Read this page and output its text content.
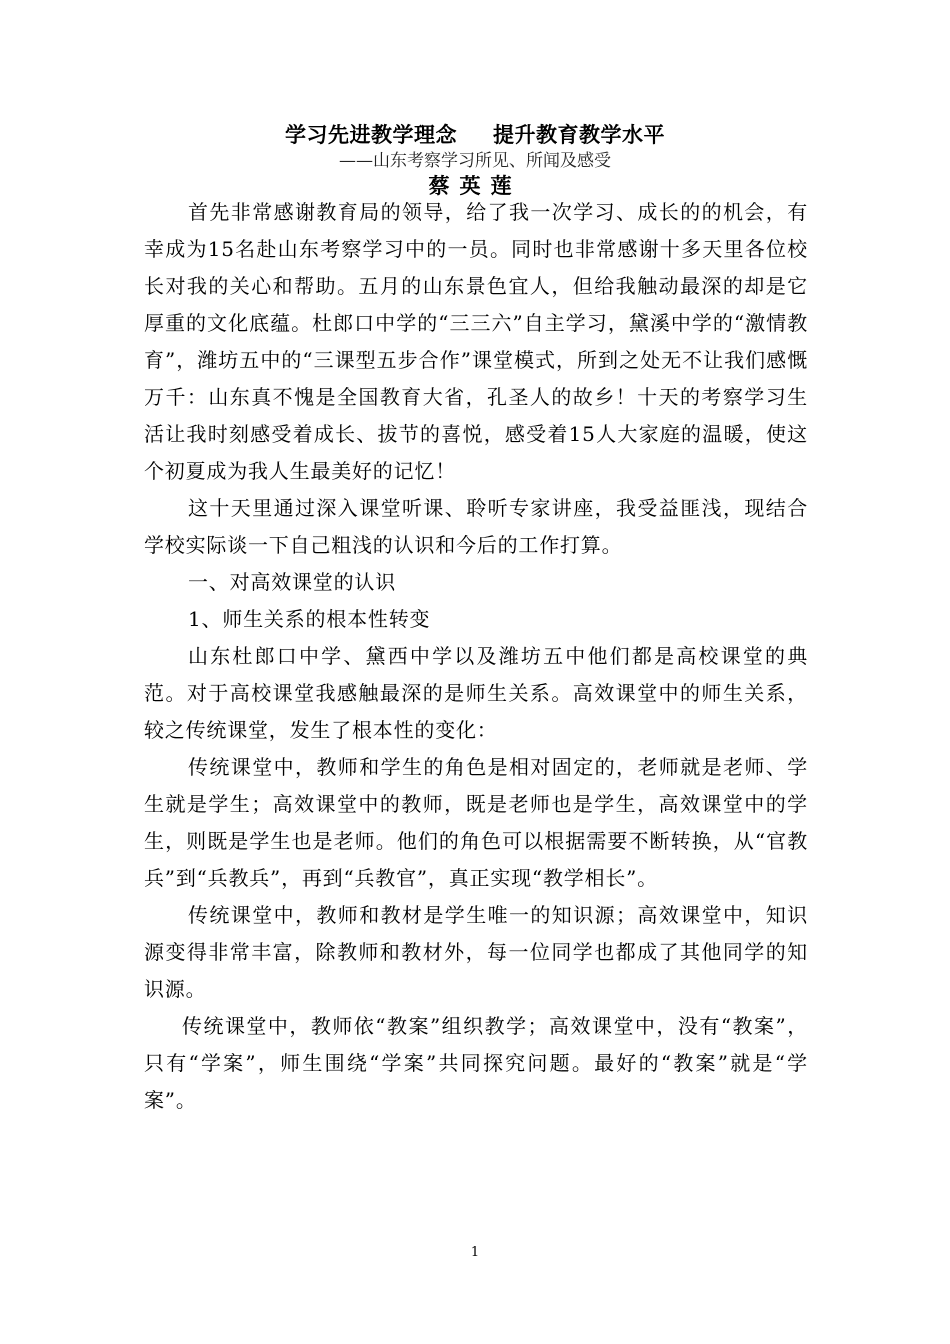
学习先进教学理念 提升教育教学水平
——山东考察学习所见、所闻及感受
蔡英莲

首先非常感谢教育局的领导，给了我一次学习、成长的的机会，有幸成为15名赴山东考察学习中的一员。同时也非常感谢十多天里各位校长对我的关心和帮助。五月的山东景色宜人，但给我触动最深的却是它厚重的文化底蕴。杜郎口中学的“三三六”自主学习，黛溪中学的“激情教育”，潍坊五中的“三课型五步合作”课堂模式，所到之处无不让我们感慨万千：山东真不愧是全国教育大省，孔圣人的故乡！十天的考察学习生活让我时刻感受着成长、拔节的喜悦，感受着15人大家庭的温暖，使这个初夏成为我人生最美好的记忆！

这十天里通过深入课堂听课、聆听专家讲座，我受益匪浅，现结合学校实际谈一下自己粗浅的认识和今后的工作打算。

一、对高效课堂的认识

1、师生关系的根本性转变

山东杜郎口中学、黛西中学以及潍坊五中他们都是高校课堂的典范。对于高校课堂我感触最深的是师生关系。高效课堂中的师生关系，较之传统课堂，发生了根本性的变化：

传统课堂中，教师和学生的角色是相对固定的，老师就是老师、学生就是学生；高效课堂中的教师，既是老师也是学生，高效课堂中的学生，则既是学生也是老师。他们的角色可以根据需要不断转换，从“官教兵”到“兵教兵”，再到“兵教官”，真正实现“教学相长”。

传统课堂中，教师和教材是学生唯一的知识源；高效课堂中，知识源变得非常丰富，除教师和教材外，每一位同学也都成了其他同学的知识源。

传统课堂中，教师依“教案”组织教学；高效课堂中，没有“教案”，只有“学案”，师生围绕“学案”共同探究问题。最好的“教案”就是“学案”。

1
